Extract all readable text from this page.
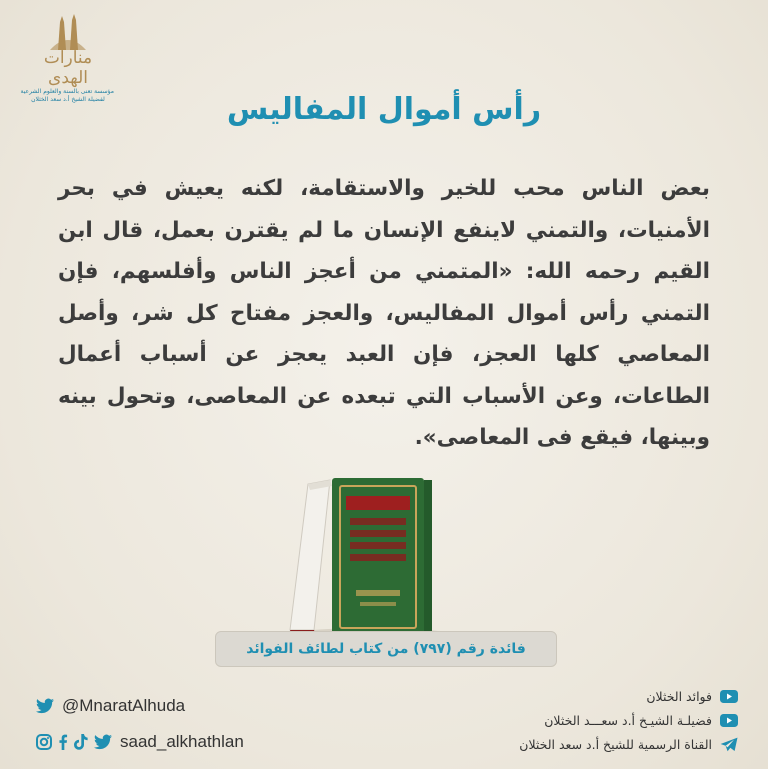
منارات الهدى
مؤسسة تعنى بالسنة والعلوم الشرعية
لفضيلة الشيخ أ.د سعد الخثلان	رأس أموال المفاليس
بعض الناس محب للخير والاستقامة، لكنه يعيش في بحر الأمنيات، والتمني لاينفع الإنسان ما لم يقترن بعمل، قال ابن القيم رحمه الله: «المتمني من أعجز الناس وأفلسهم، فإن التمني رأس أموال المفاليس، والعجز مفتاح كل شر، وأصل المعاصي كلها العجز، فإن العبد يعجز عن أسباب أعمال الطاعات، وعن الأسباب التي تبعده عن المعاصى، وتحول بينه وبينها، فيقع فى المعاصى».
فائدة رقم (٧٩٧) من كتاب لطائف الفوائد
@MnaratAlhuda
saad_alkhathlan
فوائد الخثلان
فضيلـة الشيـخ أ.د سعـــد الخثلان
القناة الرسمية للشيخ أ.د سعد الخثلان
